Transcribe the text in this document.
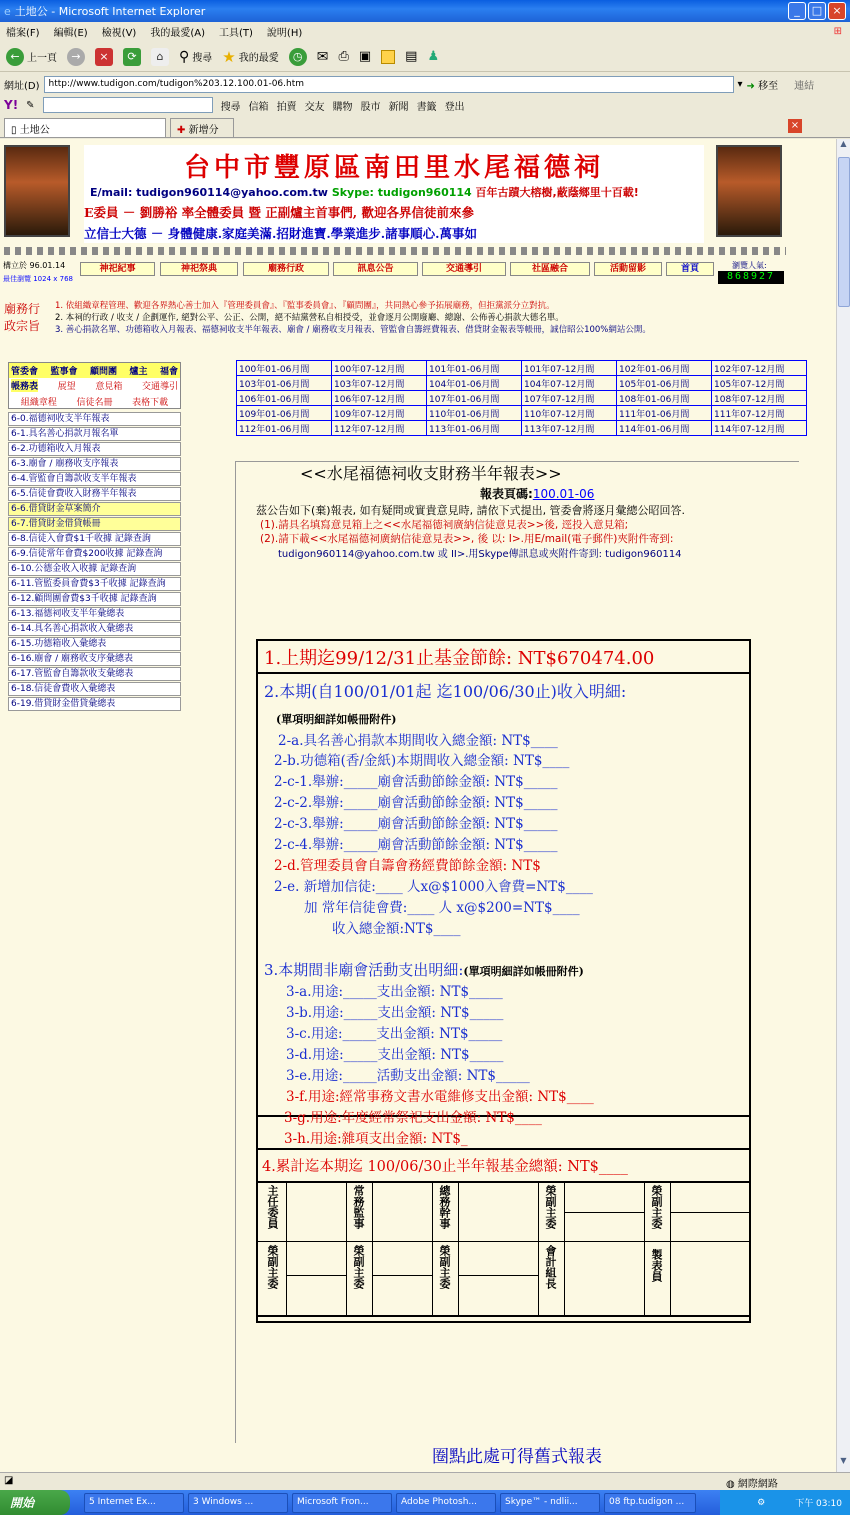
e 土地公 - Microsoft Internet Explorer	_	□ ×
檔案(F) 編輯(E) 檢視(V) 我的最愛(A) 工具(T) 說明(H)	⊞
← 上一頁	→	×	⟳	⌂	⚲ 搜尋 ★ 我的最愛	◷	✉ ⎙ ▣	▤ ♟
網址(D)	http://www.tudigon.com/tudigon%203.12.100.01-06.htm	▾ ➜ 移至 連結
Y! ✎	搜尋 信箱 拍賣 交友 購物 股市 新聞 書籤 登出
▯ 土地公	✚ 新增分	×
台中市豐原區南田里水尾福德祠
E/mail: tudigon960114@yahoo.com.tw Skype: tudigon960114 百年古蹟大榕樹,蔽蔭鄉里十百載!
E委員 － 劉勝裕 率全體委員 暨 正副爐主首事們, 歡迎各界信徒前來參
立信士大德 － 身體健康.家庭美滿.招財進寶.學業進步.諸事順心.萬事如
構立於 96.01.14
最佳瀏覽 1024 x 768
神祀紀事	神祀祭典	廟務行政	訊息公告	交通導引	社區融合	活動留影	首頁	瀏覽人氣:
868927
廟務行
政宗旨
1. 依組織章程管理、歡迎各界熱心善士加入『管理委員會』、『監事委員會』、『顧問團』，共同熱心參予拓展廟務，但拒黨派分立對抗。
2. 本祠的行政 / 收支 / 企劃運作, 絕對公平、公正、公開，絕不結黨營私自相授受，並會逐月公開廢廳、總謝、公佈善心捐款大德名單。
3. 善心捐款名單、功德箱收入月報表、福德祠收支半年報表、廟會 / 廟務收支月報表、管監會自籌經費報表、借貸財金報表等帳冊，誠信昭公100%網站公開。
管委會 監事會 顧問團 爐主 福會
帳務表 展望 意見箱 交通導引
組織章程 信徒名冊 表格下載
6-0.福德祠收支半年報表
6-1.具名善心捐款月報名單
6-2.功德箱收入月報表
6-3.廟會 / 廟務收支序報表
6-4.管監會自籌款收支半年報表
6-5.信徒會費收入財務半年報表
6-6.借貸財金草案簡介
6-7.借貸財金借貸帳冊
6-8.信徒入會費$1千收據 記錄查詢
6-9.信徒常年會費$200收據 記錄查詢
6-10.公德金收入收據 記錄查詢
6-11.管監委員會費$3千收據 記錄查詢
6-12.顧問團會費$3千收據 記錄查詢
6-13.福德祠收支半年彙總表
6-14.具名善心捐款收入彙總表
6-15.功德箱收入彙總表
6-16.廟會 / 廟務收支序彙總表
6-17.管監會自籌款收支彙總表
6-18.信徒會費收入彙總表
6-19.借貸財金借貸彙總表
100年01-06月間	100年07-12月間	101年01-06月間	101年07-12月間	102年01-06月間	102年07-12月間
103年01-06月間	103年07-12月間	104年01-06月間	104年07-12月間	105年01-06月間	105年07-12月間
106年01-06月間	106年07-12月間	107年01-06月間	107年07-12月間	108年01-06月間	108年07-12月間
109年01-06月間	109年07-12月間	110年01-06月間	110年07-12月間	111年01-06月間	111年07-12月間
112年01-06月間	112年07-12月間	113年01-06月間	113年07-12月間	114年01-06月間	114年07-12月間
<<水尾福德祠收支財務半年報表>>
報表頁碼:100.01-06
茲公告如下(棄)報表, 如有疑問或實貴意見時, 請依下式提出, 管委會將逐月彙總公昭回答.
(1).請具名填寫意見箱上之<<水尾福德祠廣納信徒意見表>>後, 逕投入意見箱;
(2).請下載<<水尾福德祠廣納信徒意見表>>, 後 以: I>.用E/mail(電子郵件)夾附件寄到:
tudigon960114@yahoo.com.tw 或 II>.用Skype傳訊息或夾附件寄到: tudigon960114
1.上期迄99/12/31止基金節餘: NT$670474.00
2.本期(自100/01/01起 迄100/06/30止)收入明細:
(單項明細詳如帳冊附件)
2-a.具名善心捐款本期間收入總金額: NT$____
2-b.功德箱(香/金紙)本期間收入總金額: NT$____
2-c-1.舉辦:_____廟會活動節餘金額: NT$_____
2-c-2.舉辦:_____廟會活動節餘金額: NT$_____
2-c-3.舉辦:_____廟會活動節餘金額: NT$_____
2-c-4.舉辦:_____廟會活動節餘金額: NT$_____
2-d.管理委員會自籌會務經費節餘金額: NT$
2-e. 新增加信徒:____ 人x@$1000入會費=NT$____
加 常年信徒會費:____ 人 x@$200=NT$____
收入總金額:NT$____
3.本期間非廟會活動支出明細:(單項明細詳如帳冊附件)
3-a.用途:_____支出金額: NT$_____
3-b.用途:_____支出金額: NT$_____
3-c.用途:_____支出金額: NT$_____
3-d.用途:_____支出金額: NT$_____
3-e.用途:_____活動支出金額: NT$_____
3-f.用途:經常事務文書水電維修支出金額: NT$____
3-g.用途:年度經常祭祀支出金額: NT$____
3-h.用途:雜項支出金額: NT$_
4.累計迄本期迄 100/06/30止半年報基金總額: NT$____
主任委員	常務監事	總務幹事	榮副主委	榮副主委
榮副主委	榮副主委	榮副主委	會計組長	製表員
圈點此處可得舊式報表
▲
▼
◪	◍ 網際網路
開始	5 Internet Ex...	3 Windows ...	Microsoft Fron...	Adobe Photosh...	Skype™ - ndlii...	08 ftp.tudigon ...	⚙	下午 03:10
